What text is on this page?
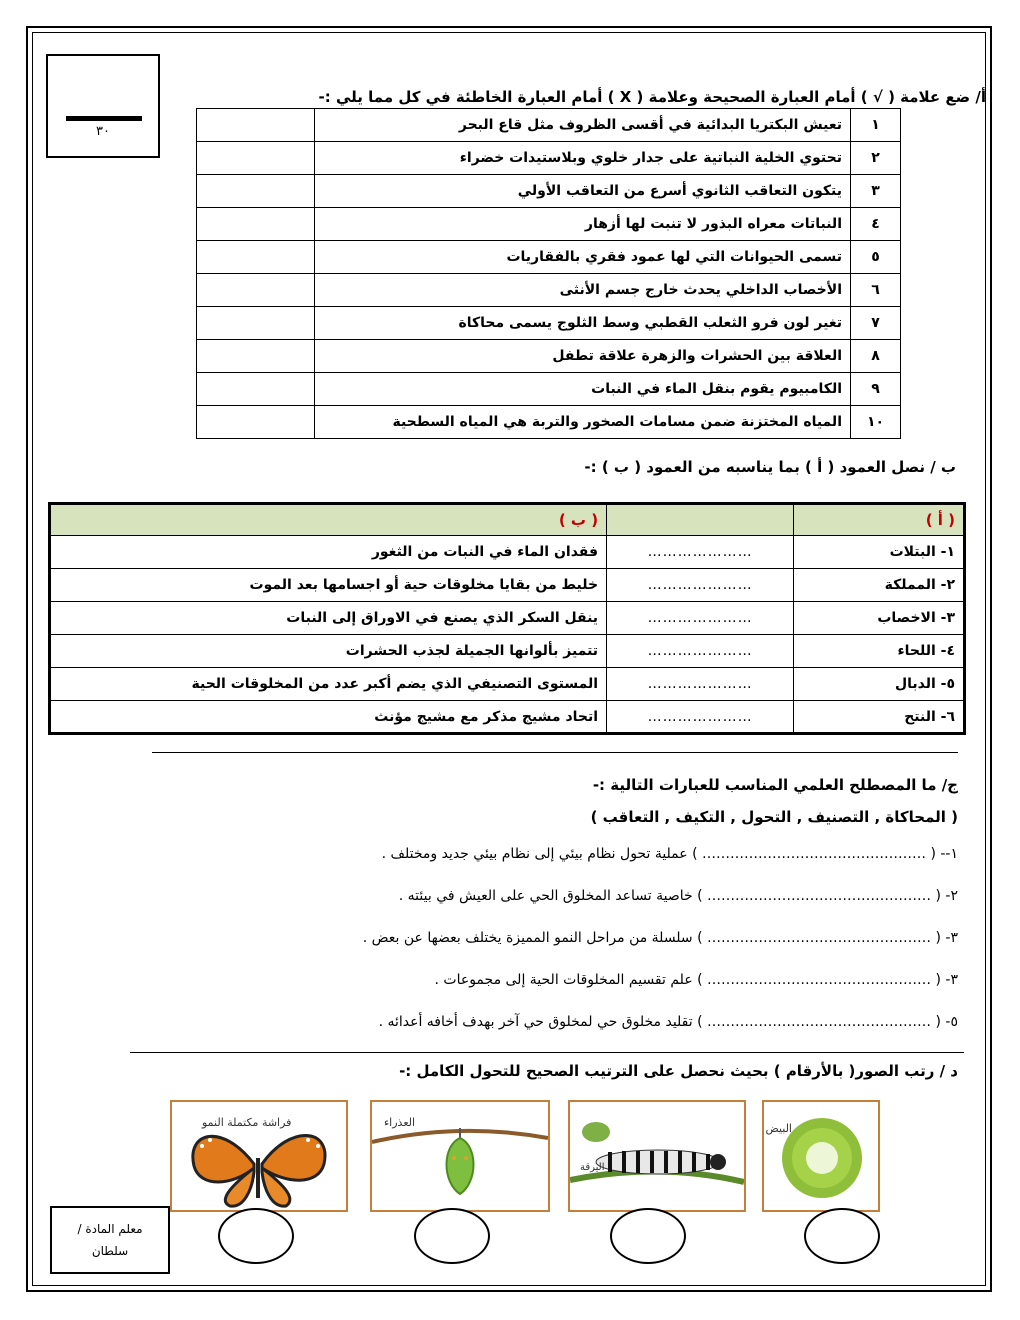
٣٠
أ/ ضع علامة ( √ ) أمام العبارة الصحيحة وعلامة ( X ) أمام العبارة الخاطئة في كل مما يلي :-
١	تعيش البكتريا البدائية في أقسى الظروف مثل قاع البحر	
٢	تحتوي الخلية النباتية على جدار خلوي وبلاستيدات خضراء	
٣	يتكون التعاقب الثانوي أسرع من التعاقب الأولي	
٤	النباتات معراه البذور لا تنبت لها أزهار	
٥	تسمى الحيوانات التي لها عمود فقري بالفقاريات	
٦	الأخصاب الداخلي يحدث خارج جسم الأنثى	
٧	تغير لون فرو الثعلب القطبي وسط الثلوج يسمى محاكاة	
٨	العلاقة بين الحشرات والزهرة علاقة تطفل	
٩	الكامبيوم يقوم بنقل الماء في النبات	
١٠	المياه المختزنة ضمن مسامات الصخور والتربة هي المياه السطحية	
ب / نصل العمود ( أ ) بما يناسبه من العمود ( ب ) :-
( أ )		( ب )
١- البتلات	…………………	فقدان الماء في النبات من الثغور
٢- المملكة	…………………	خليط من بقايا مخلوقات حية أو اجسامها بعد الموت
٣- الاخصاب	…………………	ينقل السكر الذي يصنع في الاوراق إلى النبات
٤- اللحاء	…………………	تتميز بألوانها الجميلة لجذب الحشرات
٥- الدبال	…………………	المستوى التصنيفي الذي يضم أكبر عدد من المخلوقات الحية
٦- النتح	…………………	اتحاد مشيج مذكر مع مشيج مؤنث
ج/ ما المصطلح العلمي المناسب للعبارات التالية :-
( المحاكاة , التصنيف , التحول , التكيف , التعاقب )
١-- ( ………………………………………… ) عملية تحول نظام بيئي إلى نظام بيئي جديد ومختلف .
٢- ( ………………………………………… ) خاصية تساعد المخلوق الحي على العيش في بيئته .
٣- ( ………………………………………… ) سلسلة من مراحل النمو المميزة يختلف بعضها عن بعض .
٣- ( ………………………………………… ) علم تقسيم المخلوقات الحية إلى مجموعات .
٥- ( ………………………………………… ) تقليد مخلوق حي لمخلوق حي آخر بهدف أخافه أعدائه .
د / رتب الصور( بالأرقام ) بحيث نحصل على الترتيب الصحيح للتحول الكامل :-
البيض
اليرقة
العذراء
فراشة مكتملة النمو
معلم المادة /
سلطان
